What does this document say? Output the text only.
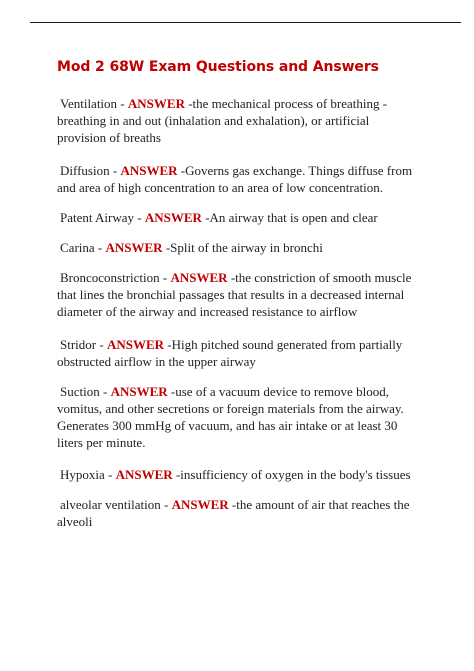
Mod 2 68W Exam Questions and Answers

Ventilation - ANSWER -the mechanical process of breathing - breathing in and out (inhalation and exhalation), or artificial provision of breaths

Diffusion - ANSWER -Governs gas exchange. Things diffuse from and area of high concentration to an area of low concentration.

Patent Airway - ANSWER -An airway that is open and clear

Carina - ANSWER -Split of the airway in bronchi

Broncoconstriction - ANSWER -the constriction of smooth muscle that lines the bronchial passages that results in a decreased internal diameter of the airway and increased resistance to airflow

Stridor - ANSWER -High pitched sound generated from partially obstructed airflow in the upper airway

Suction - ANSWER -use of a vacuum device to remove blood, vomitus, and other secretions or foreign materials from the airway. Generates 300 mmHg of vacuum, and has air intake or at least 30 liters per minute.

Hypoxia - ANSWER -insufficiency of oxygen in the body's tissues

alveolar ventilation - ANSWER -the amount of air that reaches the alveoli
